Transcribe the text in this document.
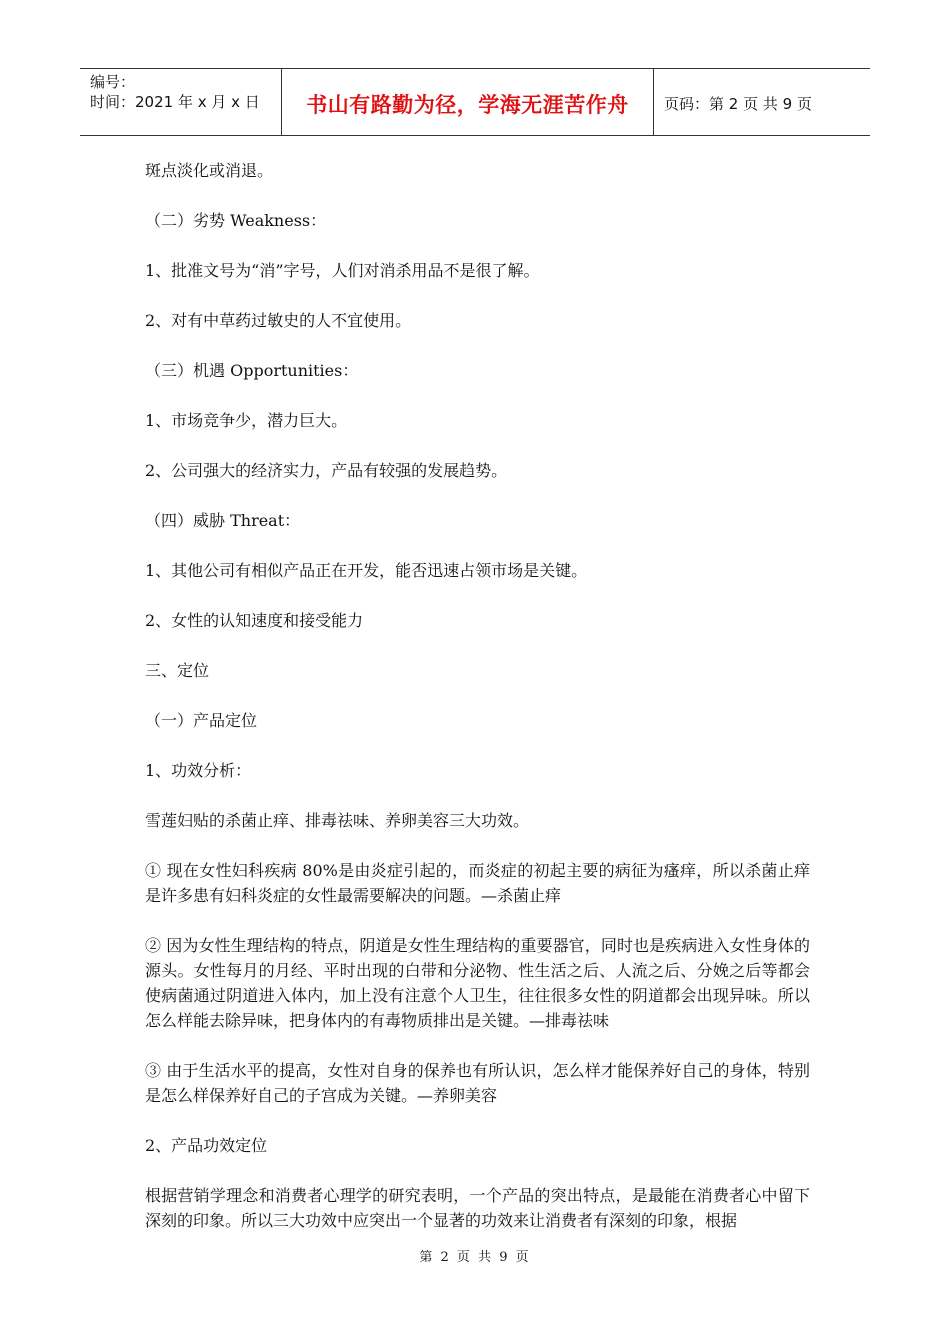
编号：
时间：2021 年 x 月 x 日	书山有路勤为径，学海无涯苦作舟 页码：第 2 页 共 9 页

斑点淡化或消退。

（二）劣势 Weakness：

1、批准文号为“消”字号，人们对消杀用品不是很了解。

2、对有中草药过敏史的人不宜使用。

（三）机遇 Opportunities：

1、市场竞争少，潜力巨大。

2、公司强大的经济实力，产品有较强的发展趋势。

（四）威胁 Threat：

1、其他公司有相似产品正在开发，能否迅速占领市场是关键。

2、女性的认知速度和接受能力

三、定位

（一）产品定位

1、功效分析：

雪莲妇贴的杀菌止痒、排毒祛味、养卵美容三大功效。

① 现在女性妇科疾病 80%是由炎症引起的，而炎症的初起主要的病征为瘙痒，所以杀菌止痒是许多患有妇科炎症的女性最需要解决的问题。—杀菌止痒

② 因为女性生理结构的特点，阴道是女性生理结构的重要器官，同时也是疾病进入女性身体的源头。女性每月的月经、平时出现的白带和分泌物、性生活之后、人流之后、分娩之后等都会使病菌通过阴道进入体内，加上没有注意个人卫生，往往很多女性的阴道都会出现异味。所以怎么样能去除异味，把身体内的有毒物质排出是关键。—排毒祛味

③ 由于生活水平的提高，女性对自身的保养也有所认识，怎么样才能保养好自己的身体，特别是怎么样保养好自己的子宫成为关键。—养卵美容

2、产品功效定位

根据营销学理念和消费者心理学的研究表明，一个产品的突出特点，是最能在消费者心中留下深刻的印象。所以三大功效中应突出一个显著的功效来让消费者有深刻的印象，根据

第 2 页 共 9 页
